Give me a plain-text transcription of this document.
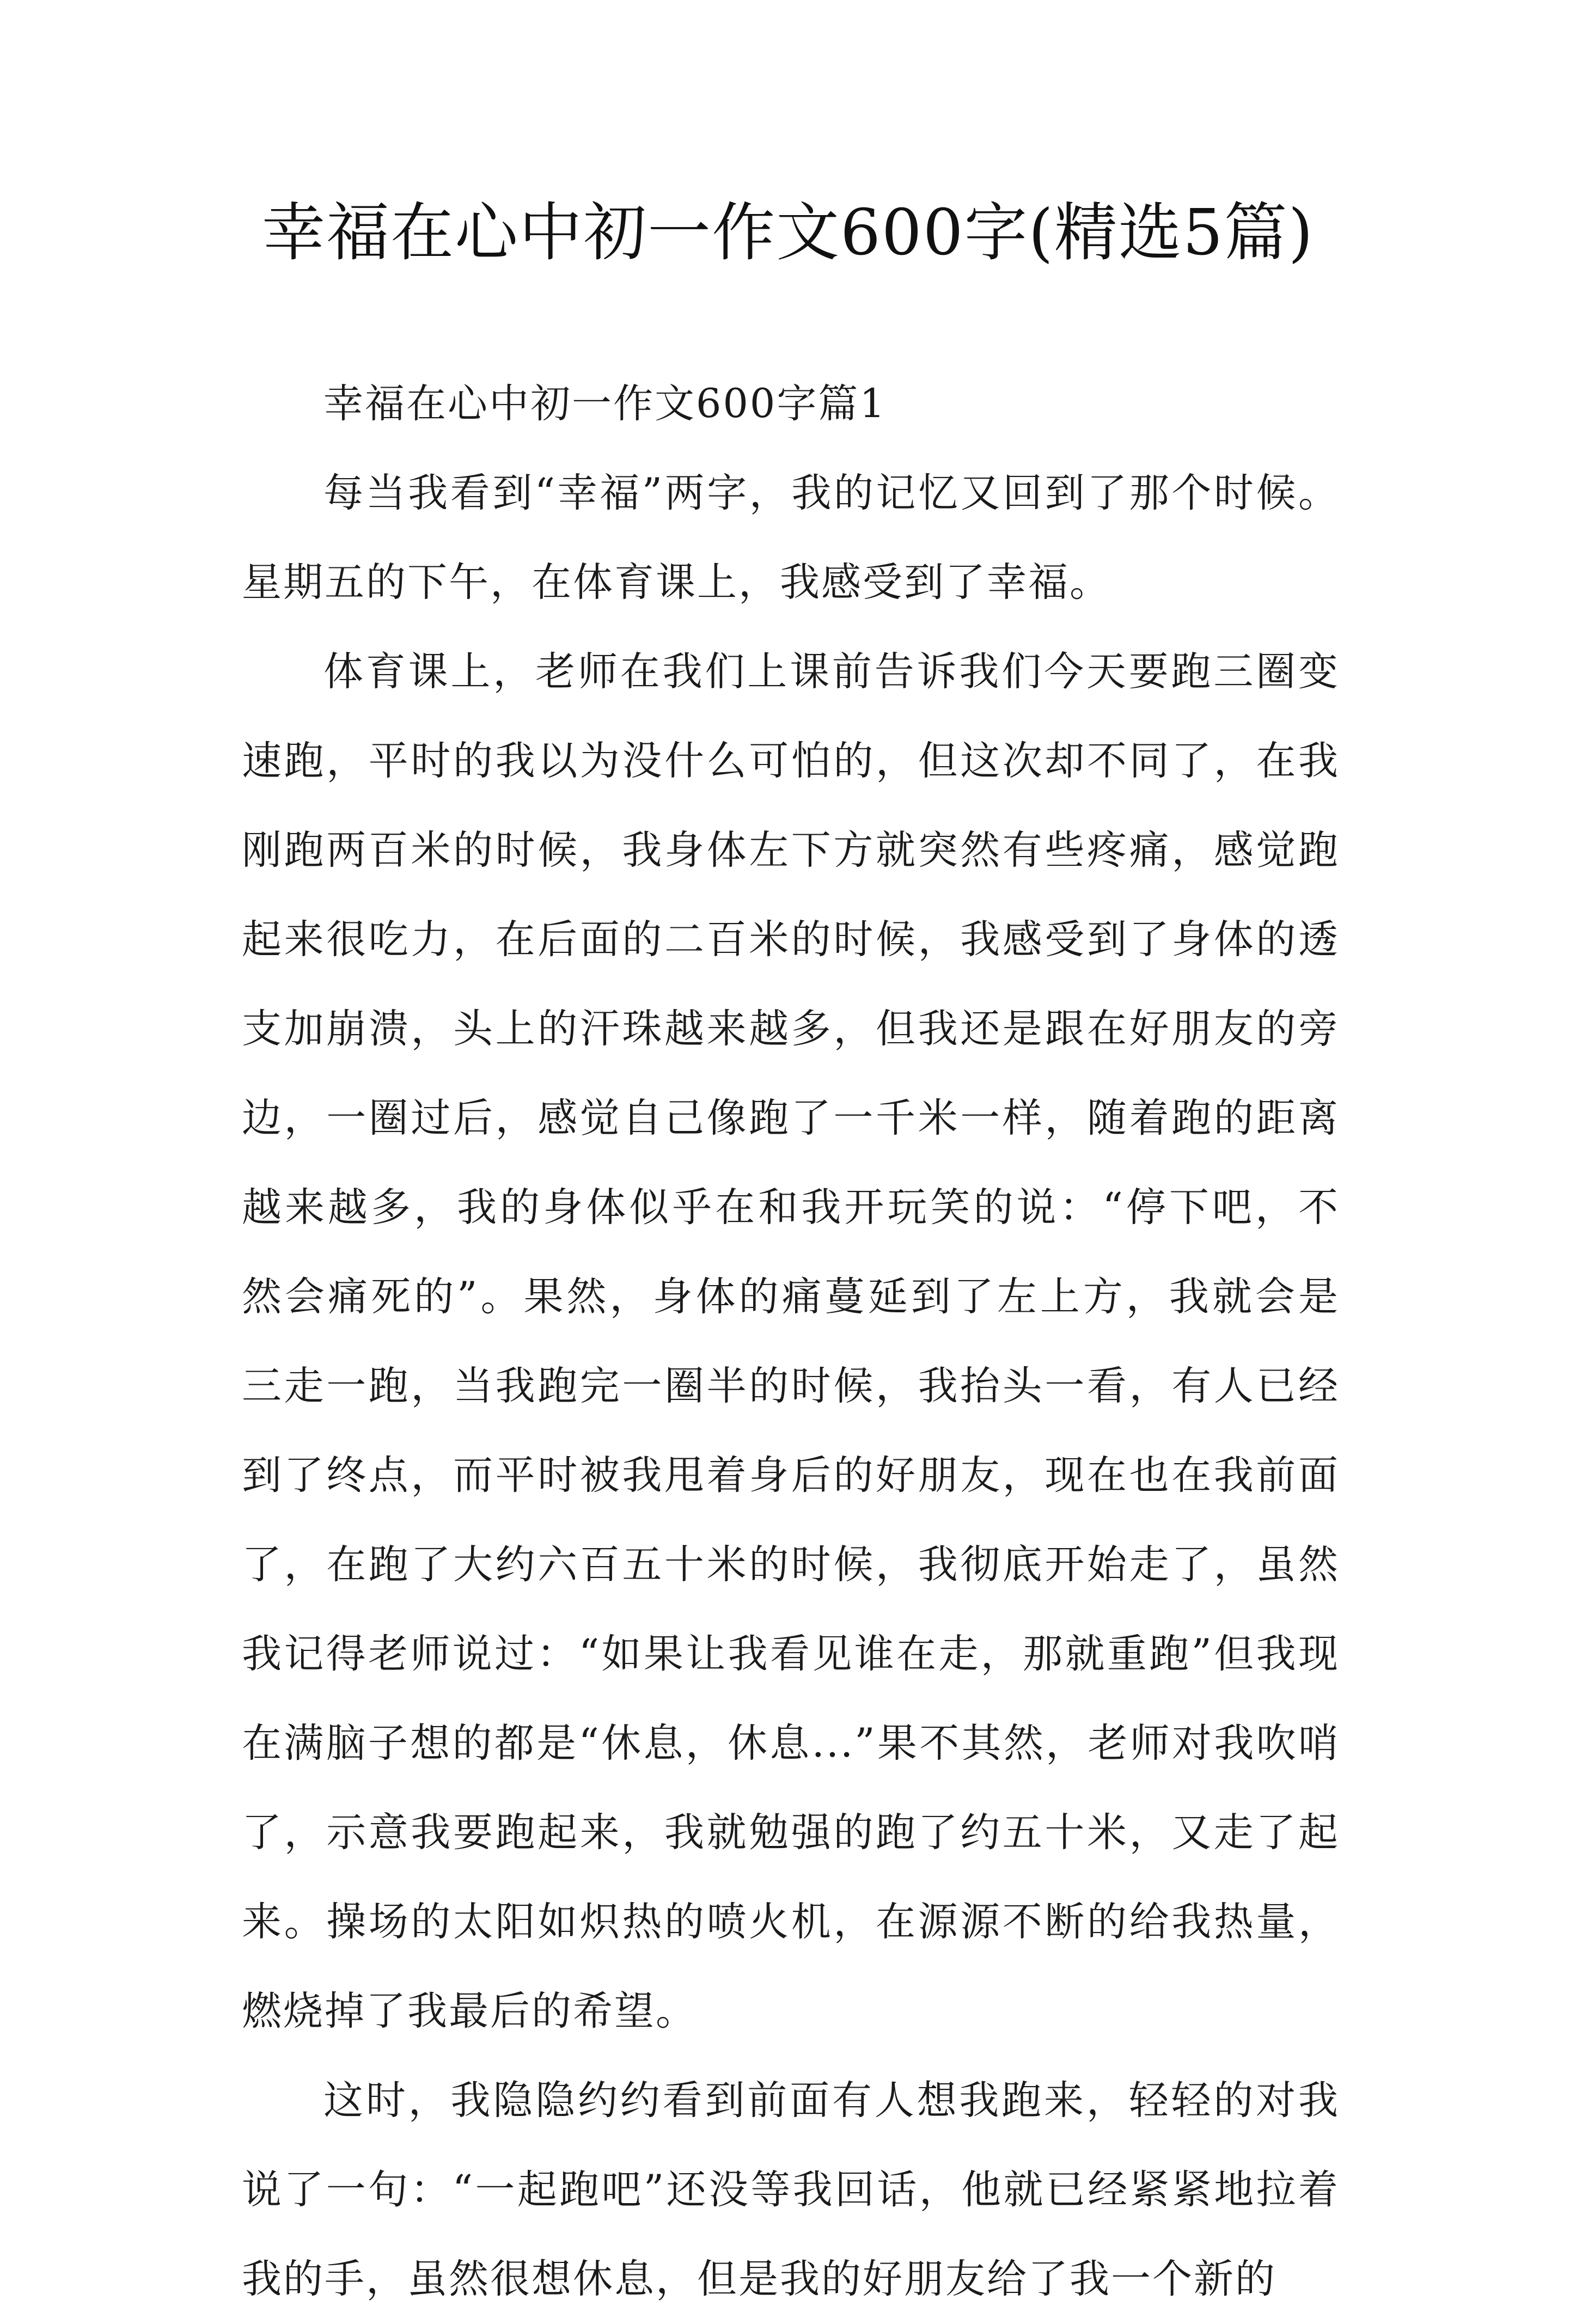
幸福在心中初一作文600字(精选5篇)

幸福在心中初一作文600字篇1

每当我看到“幸福”两字，我的记忆又回到了那个时候。星期五的下午，在体育课上，我感受到了幸福。

体育课上，老师在我们上课前告诉我们今天要跑三圈变速跑，平时的我以为没什么可怕的，但这次却不同了，在我刚跑两百米的时候，我身体左下方就突然有些疼痛，感觉跑起来很吃力，在后面的二百米的时候，我感受到了身体的透支加崩溃，头上的汗珠越来越多，但我还是跟在好朋友的旁边，一圈过后，感觉自己像跑了一千米一样，随着跑的距离越来越多，我的身体似乎在和我开玩笑的说：“停下吧，不然会痛死的”。果然，身体的痛蔓延到了左上方，我就会是三走一跑，当我跑完一圈半的时候，我抬头一看，有人已经到了终点，而平时被我甩着身后的好朋友，现在也在我前面了，在跑了大约六百五十米的时候，我彻底开始走了，虽然我记得老师说过：“如果让我看见谁在走，那就重跑”但我现在满脑子想的都是“休息，休息...”果不其然，老师对我吹哨了，示意我要跑起来，我就勉强的跑了约五十米，又走了起来。操场的太阳如炽热的喷火机，在源源不断的给我热量，燃烧掉了我最后的希望。

这时，我隐隐约约看到前面有人想我跑来，轻轻的对我说了一句：“一起跑吧”还没等我回话，他就已经紧紧地拉着我的手，虽然很想休息，但是我的好朋友给了我一个新的
